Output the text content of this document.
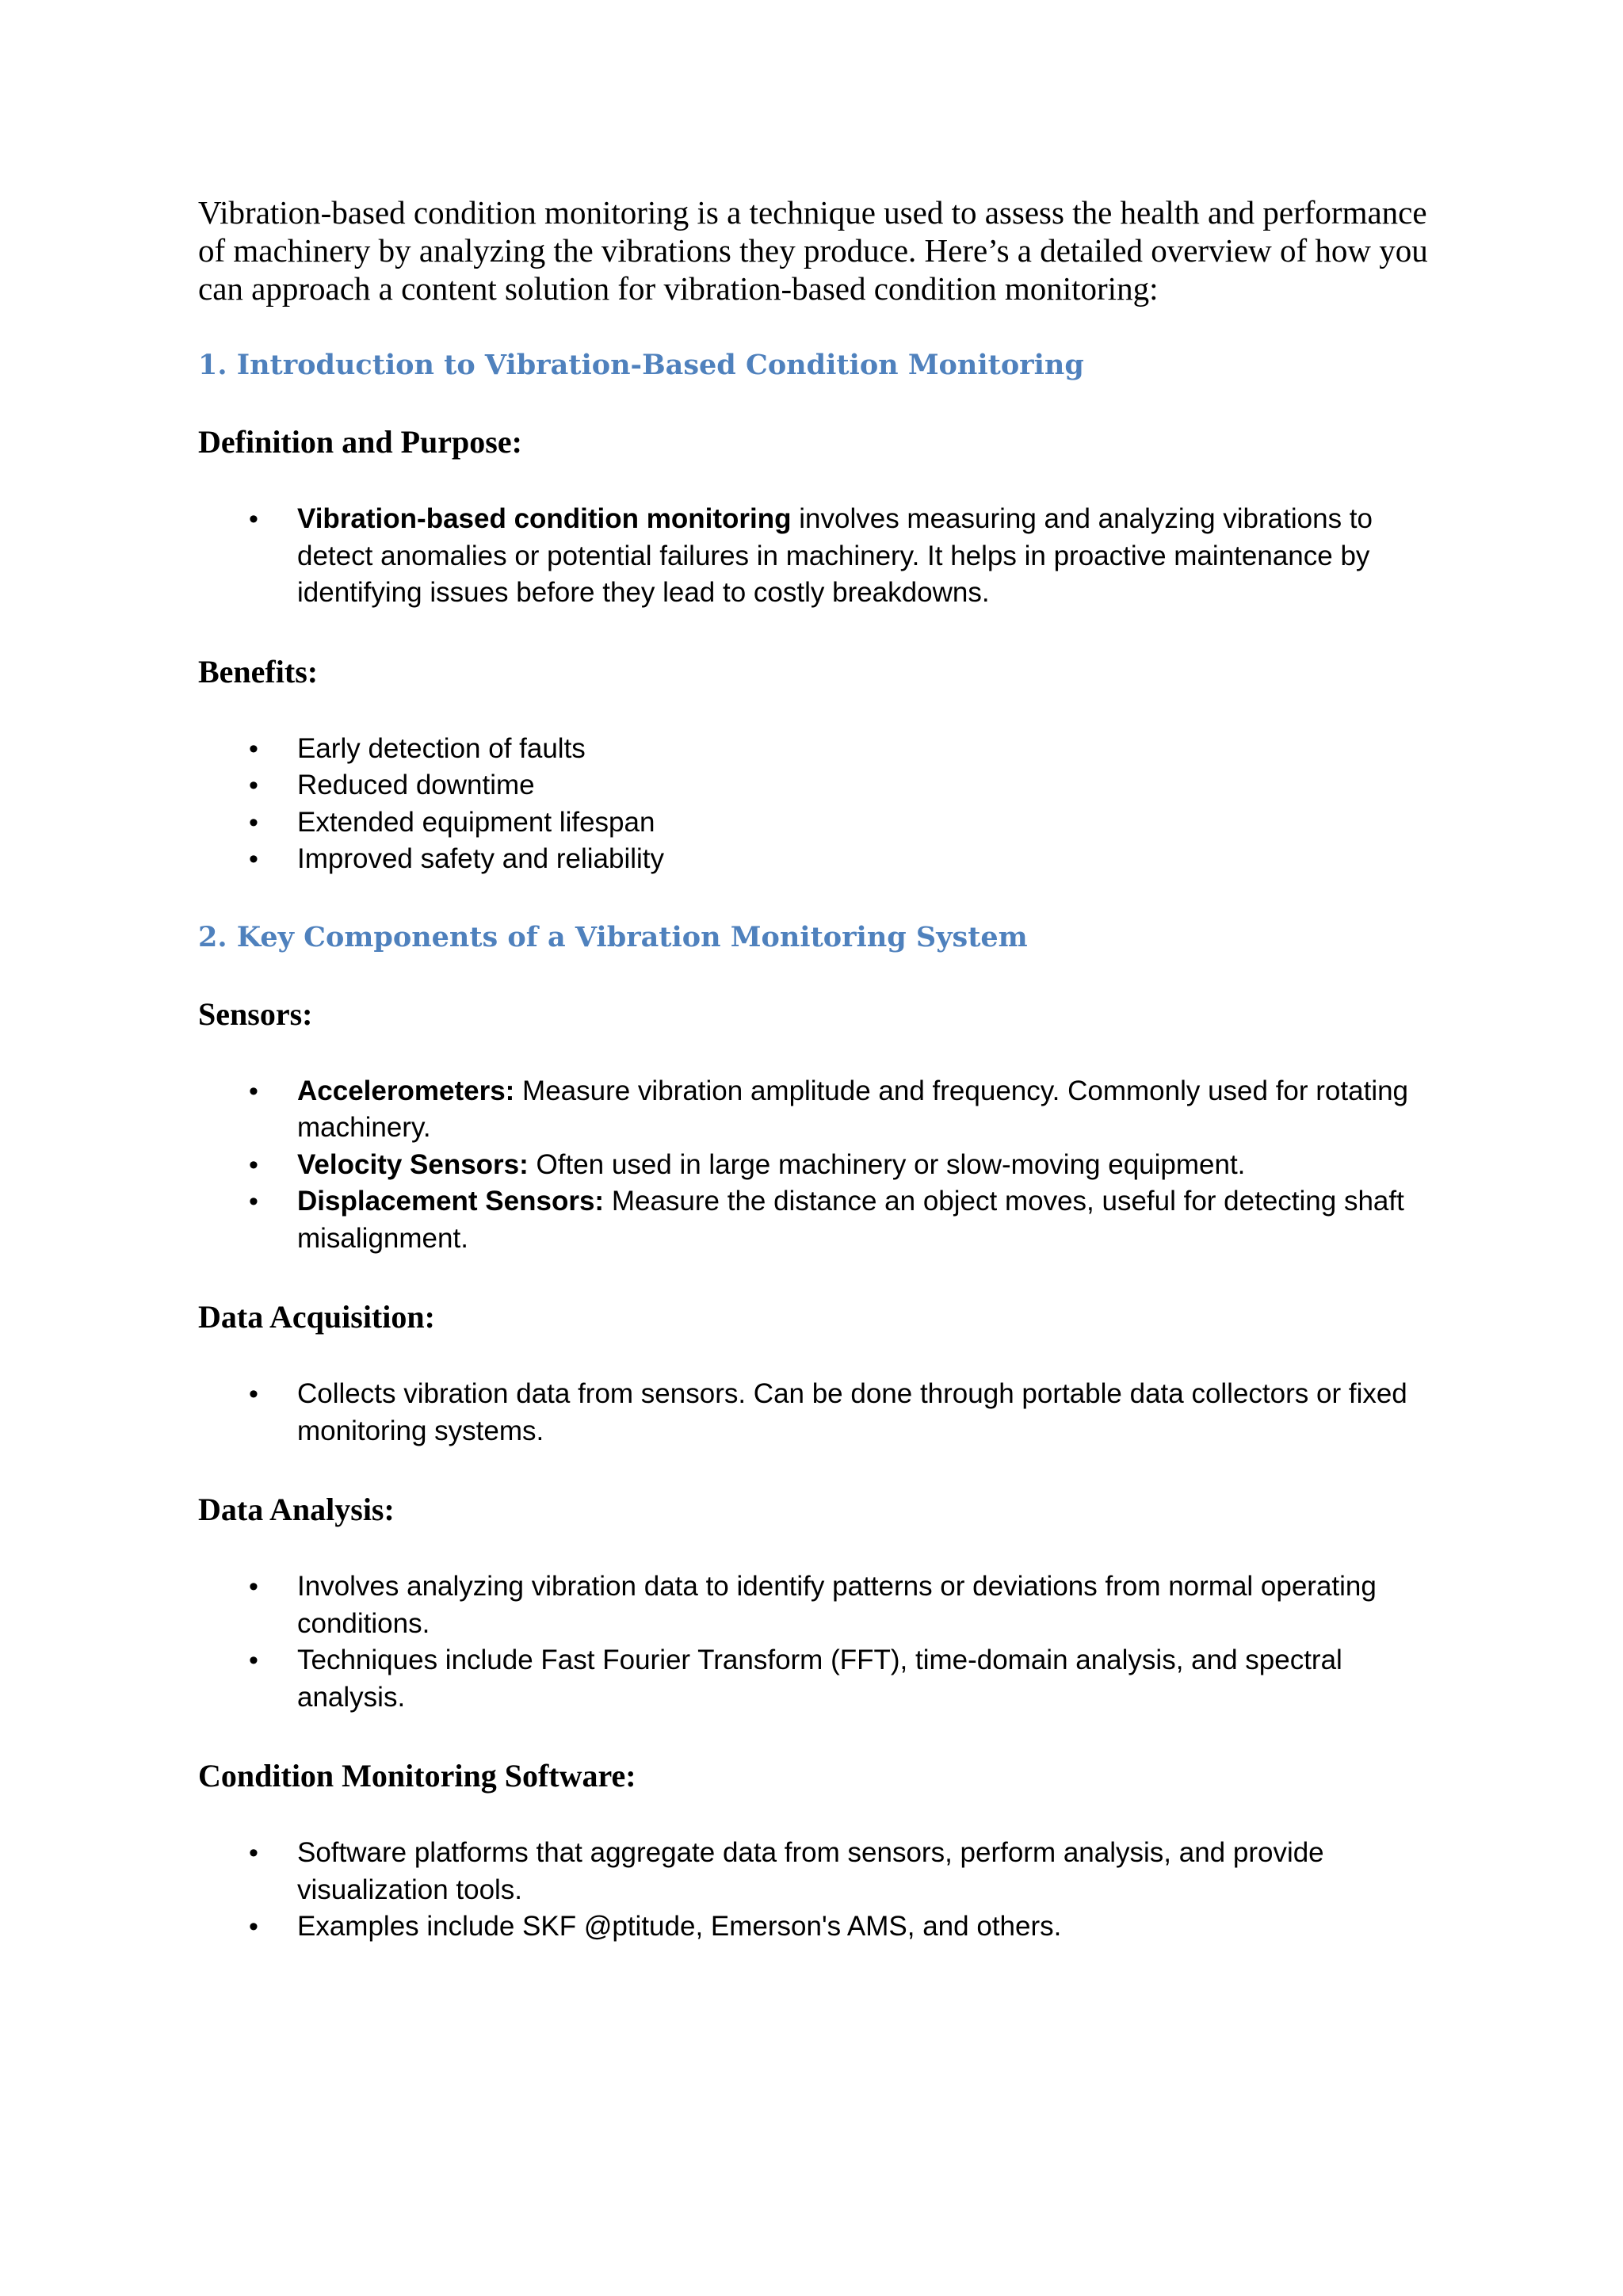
Vibration-based condition monitoring is a technique used to assess the health and performance of machinery by analyzing the vibrations they produce. Here’s a detailed overview of how you can approach a content solution for vibration-based condition monitoring:

1. Introduction to Vibration-Based Condition Monitoring
Definition and Purpose:
• Vibration-based condition monitoring involves measuring and analyzing vibrations to detect anomalies or potential failures in machinery. It helps in proactive maintenance by identifying issues before they lead to costly breakdowns.
Benefits:
• Early detection of faults
• Reduced downtime
• Extended equipment lifespan
• Improved safety and reliability
2. Key Components of a Vibration Monitoring System
Sensors:
• Accelerometers: Measure vibration amplitude and frequency. Commonly used for rotating machinery.
• Velocity Sensors: Often used in large machinery or slow-moving equipment.
• Displacement Sensors: Measure the distance an object moves, useful for detecting shaft misalignment.
Data Acquisition:
• Collects vibration data from sensors. Can be done through portable data collectors or fixed monitoring systems.
Data Analysis:
• Involves analyzing vibration data to identify patterns or deviations from normal operating conditions.
• Techniques include Fast Fourier Transform (FFT), time-domain analysis, and spectral analysis.
Condition Monitoring Software:
• Software platforms that aggregate data from sensors, perform analysis, and provide visualization tools.
• Examples include SKF @ptitude, Emerson's AMS, and others.
